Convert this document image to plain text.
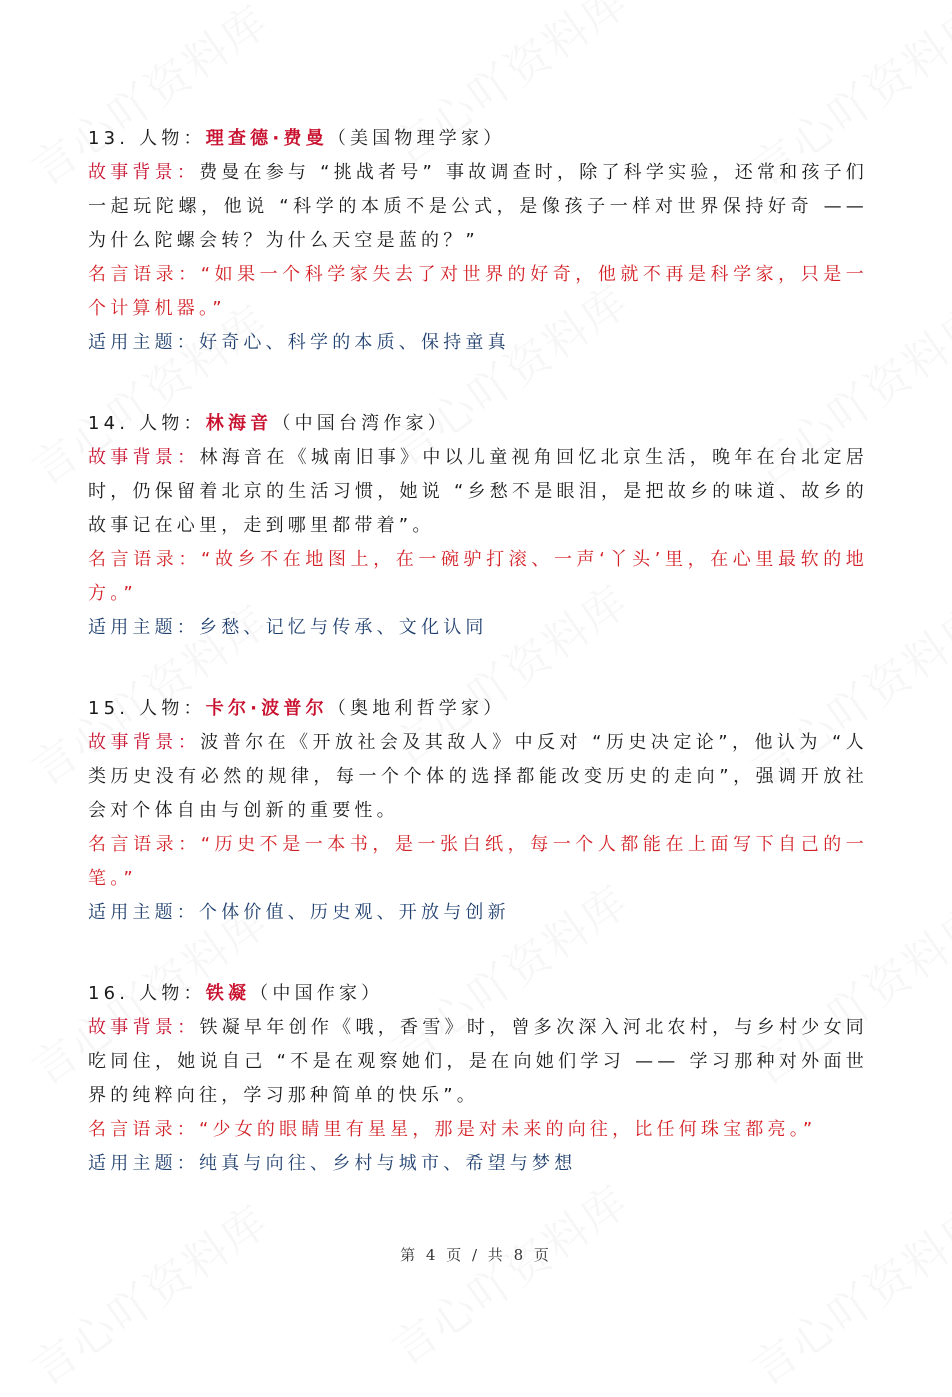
13. 人物：理查德·费曼（美国物理学家）
故事背景：费曼在参与 “挑战者号” 事故调查时，除了科学实验，还常和孩子们一起玩陀螺，他说 “科学的本质不是公式，是像孩子一样对世界保持好奇 —— 为什么陀螺会转？为什么天空是蓝的？”
名言语录：“如果一个科学家失去了对世界的好奇，他就不再是科学家，只是一个计算机器。”
适用主题：好奇心、科学的本质、保持童真
14. 人物：林海音（中国台湾作家）
故事背景：林海音在《城南旧事》中以儿童视角回忆北京生活，晚年在台北定居时，仍保留着北京的生活习惯，她说 “乡愁不是眼泪，是把故乡的味道、故乡的故事记在心里，走到哪里都带着”。
名言语录：“故乡不在地图上，在一碗驴打滚、一声‘丫头’里，在心里最软的地方。”
适用主题：乡愁、记忆与传承、文化认同
15. 人物：卡尔·波普尔（奥地利哲学家）
故事背景：波普尔在《开放社会及其敌人》中反对 “历史决定论”，他认为 “人类历史没有必然的规律，每一个个体的选择都能改变历史的走向”，强调开放社会对个体自由与创新的重要性。
名言语录：“历史不是一本书，是一张白纸，每一个人都能在上面写下自己的一笔。”
适用主题：个体价值、历史观、开放与创新
16. 人物：铁凝（中国作家）
故事背景：铁凝早年创作《哦，香雪》时，曾多次深入河北农村，与乡村少女同吃同住，她说自己 “不是在观察她们，是在向她们学习 —— 学习那种对外面世界的纯粹向往，学习那种简单的快乐”。
名言语录：“少女的眼睛里有星星，那是对未来的向往，比任何珠宝都亮。”
适用主题：纯真与向往、乡村与城市、希望与梦想
第 4 页 / 共 8 页
